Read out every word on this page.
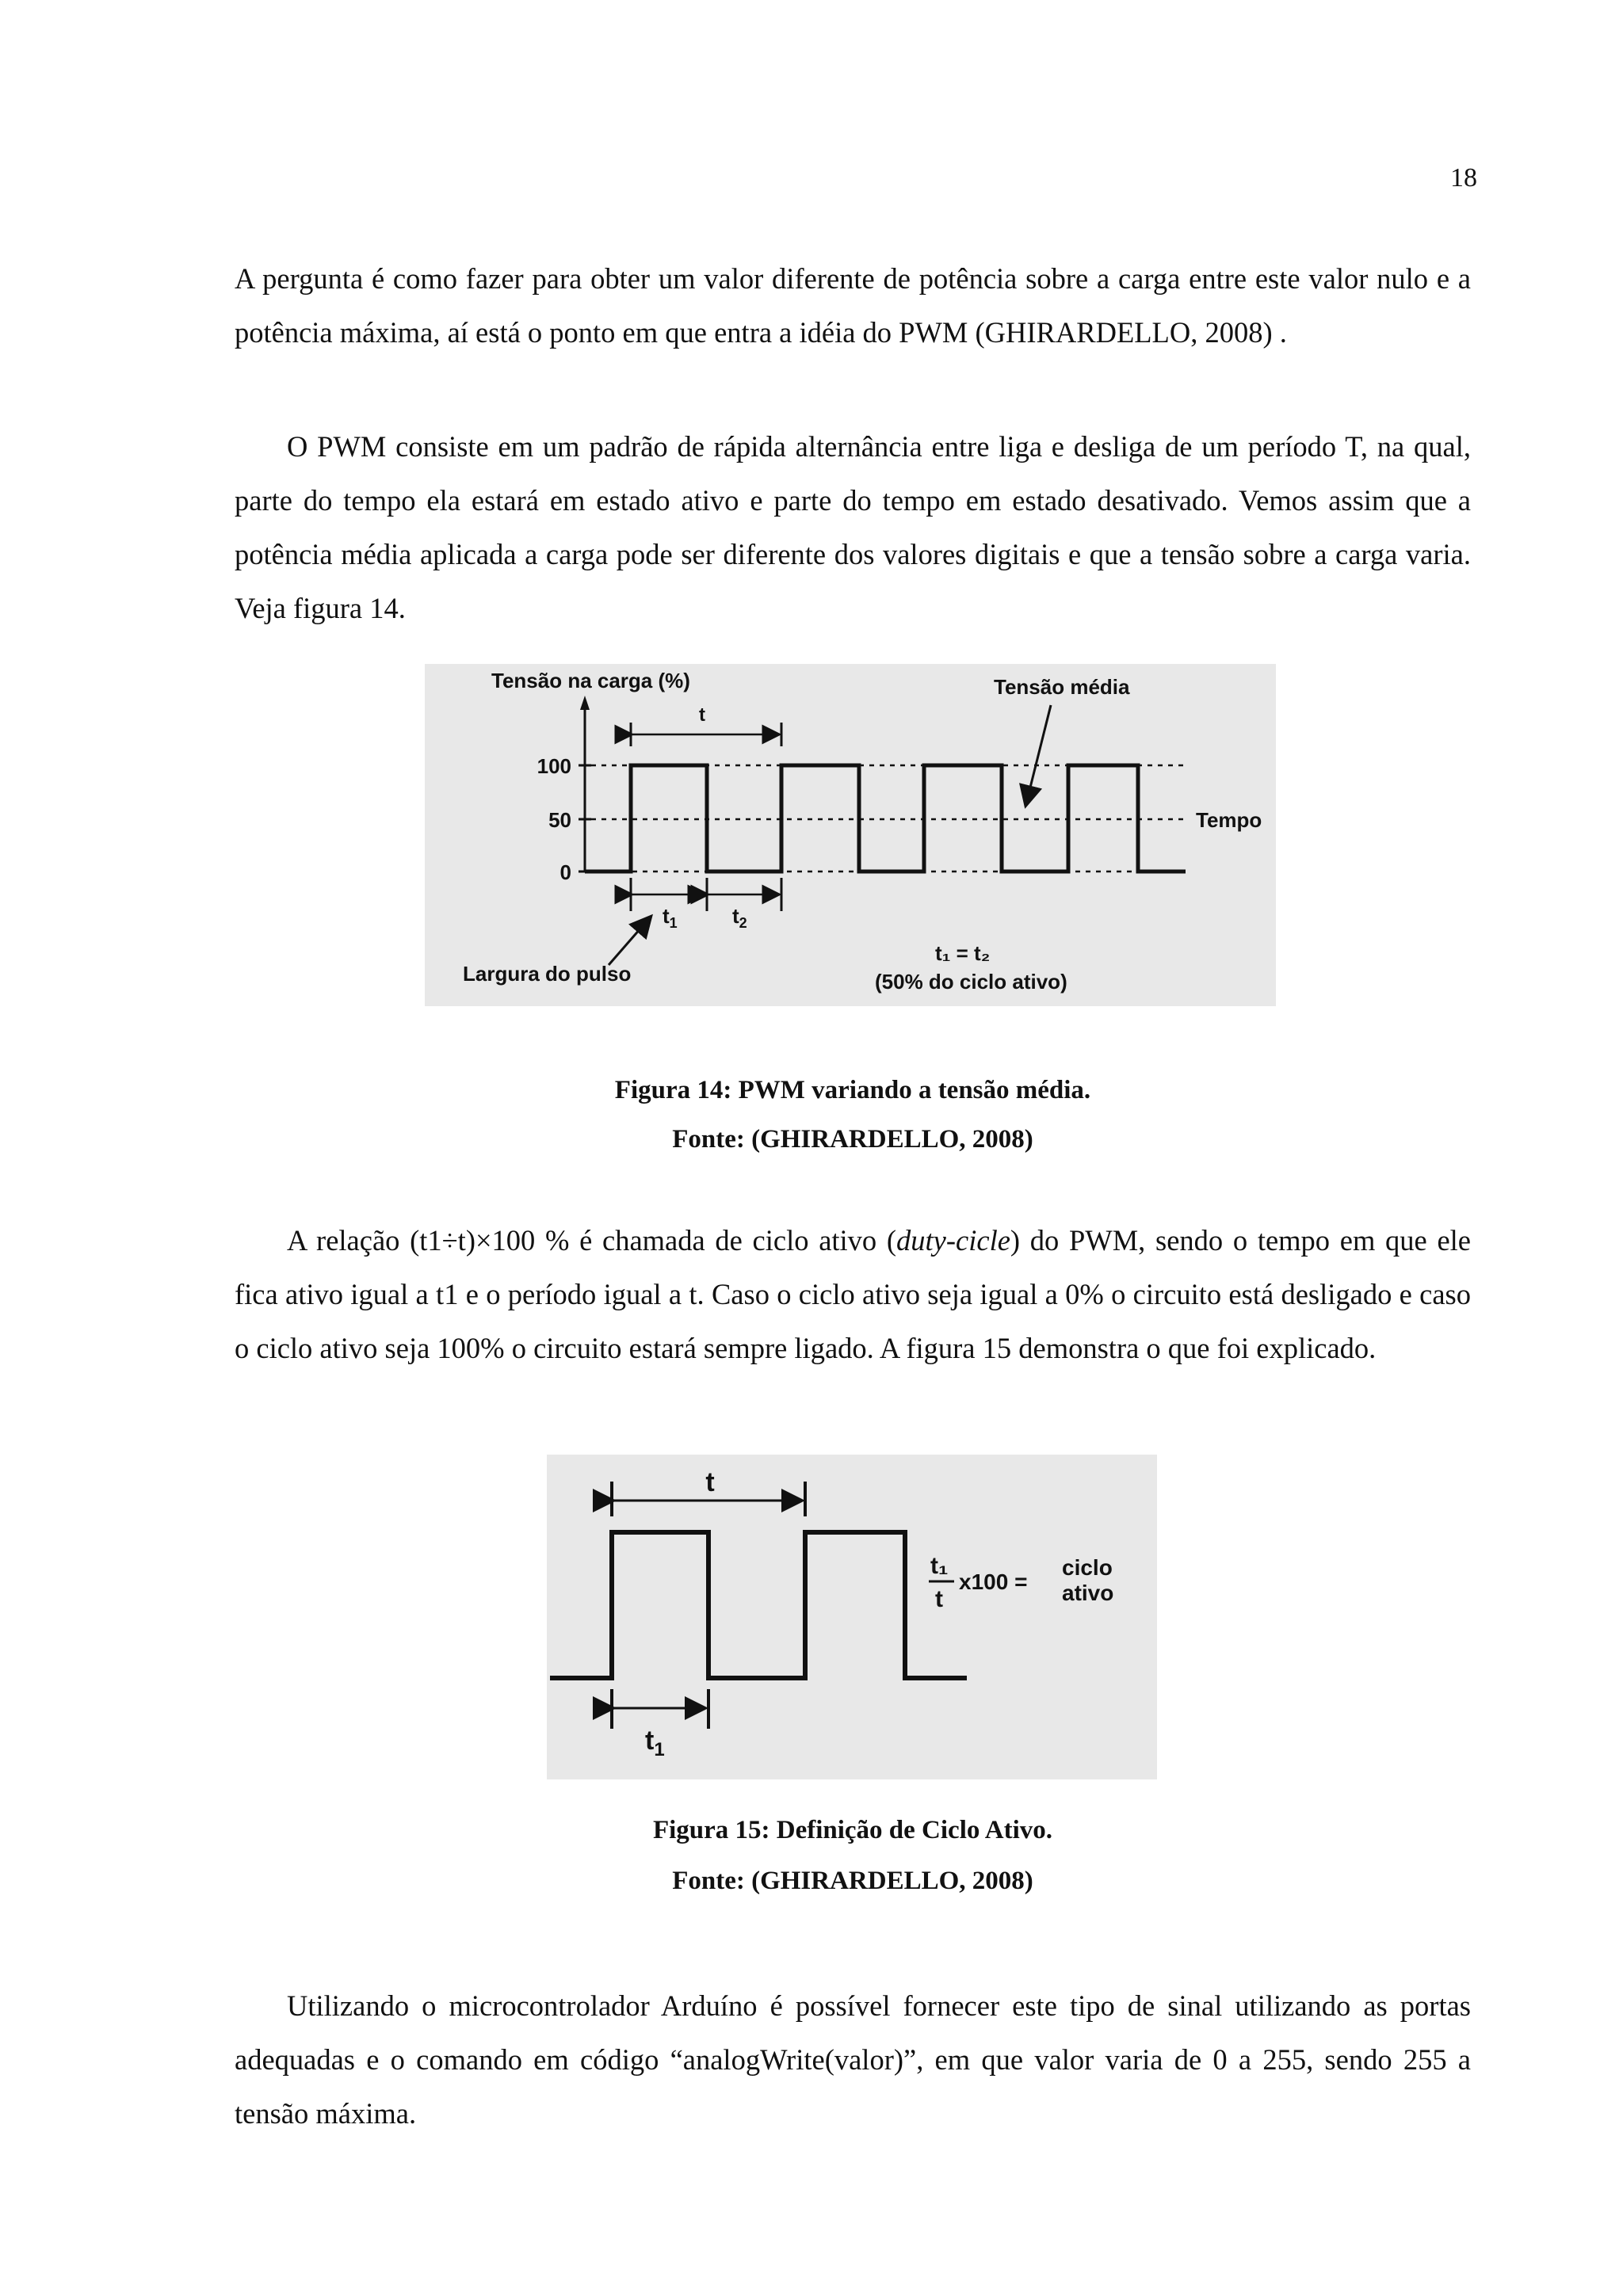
18

A pergunta é como fazer para obter um valor diferente de potência sobre a carga entre este valor nulo e a potência máxima, aí está o ponto em que entra a idéia do PWM (GHIRARDELLO, 2008) .

O PWM consiste em um padrão de rápida alternância entre liga e desliga de um período T, na qual, parte do tempo ela estará em estado ativo e parte do tempo em estado desativado. Vemos assim que a potência média aplicada a carga pode ser diferente dos valores digitais e que a tensão sobre a carga varia. Veja figura 14.

100
50
0
Tensão na carga (%)
Tempo
t
Tensão média
$t_1$	$t_2$
Largura do pulso
t₁ = t₂
(50% do ciclo ativo)
Figura 14: PWM variando a tensão média.
Fonte: (GHIRARDELLO, 2008)

A relação (t1÷t)×100 % é chamada de ciclo ativo (duty-cicle) do PWM, sendo o tempo em que ele fica ativo igual a t1 e o período igual a t. Caso o ciclo ativo seja igual a 0% o circuito está desligado e caso o ciclo ativo seja 100% o circuito estará sempre ligado. A figura 15 demonstra o que foi explicado.

t
$t_1$
t₁
t
x100 =
ciclo
ativo
Figura 15: Definição de Ciclo Ativo.
Fonte: (GHIRARDELLO, 2008)

Utilizando o microcontrolador Arduíno é possível fornecer este tipo de sinal utilizando as portas adequadas e o comando em código “analogWrite(valor)”, em que valor varia de 0 a 255, sendo 255 a tensão máxima.
